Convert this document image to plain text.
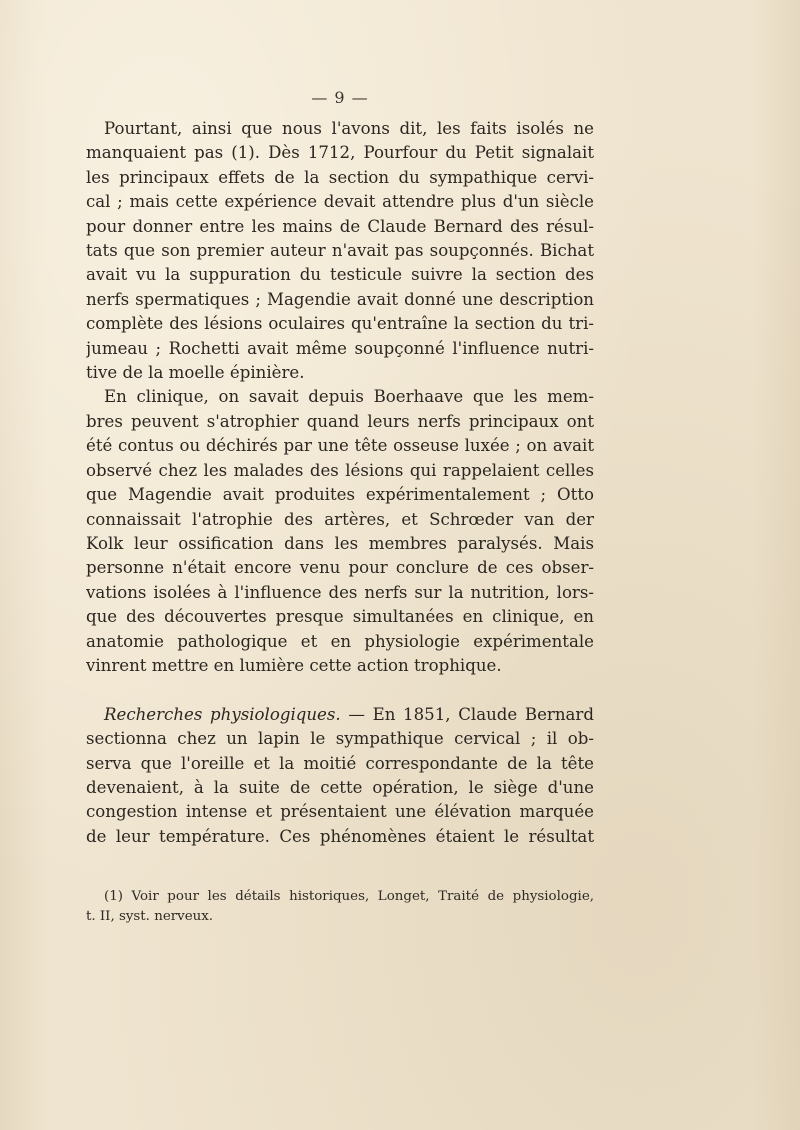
— 9 —

Pourtant, ainsi que nous l'avons dit, les faits isolés ne
manquaient pas (1). Dès 1712, Pourfour du Petit signalait
les principaux effets de la section du sympathique cervi-
cal ; mais cette expérience devait attendre plus d'un siècle
pour donner entre les mains de Claude Bernard des résul-
tats que son premier auteur n'avait pas soupçonnés. Bichat
avait vu la suppuration du testicule suivre la section des
nerfs spermatiques ; Magendie avait donné une description
complète des lésions oculaires qu'entraîne la section du tri-
jumeau ; Rochetti avait même soupçonné l'influence nutri-
tive de la moelle épinière.

En clinique, on savait depuis Boerhaave que les mem-
bres peuvent s'atrophier quand leurs nerfs principaux ont
été contus ou déchirés par une tête osseuse luxée ; on avait
observé chez les malades des lésions qui rappelaient celles
que Magendie avait produites expérimentalement ; Otto
connaissait l'atrophie des artères, et Schrœder van der
Kolk leur ossification dans les membres paralysés. Mais
personne n'était encore venu pour conclure de ces obser-
vations isolées à l'influence des nerfs sur la nutrition, lors-
que des découvertes presque simultanées en clinique, en
anatomie pathologique et en physiologie expérimentale
vinrent mettre en lumière cette action trophique.

Recherches physiologiques. — En 1851, Claude Bernard
sectionna chez un lapin le sympathique cervical ; il ob-
serva que l'oreille et la moitié correspondante de la tête
devenaient, à la suite de cette opération, le siège d'une
congestion intense et présentaient une élévation marquée
de leur température. Ces phénomènes étaient le résultat

(1) Voir pour les détails historiques, Longet, Traité de physiologie,
t. II, syst. nerveux.
